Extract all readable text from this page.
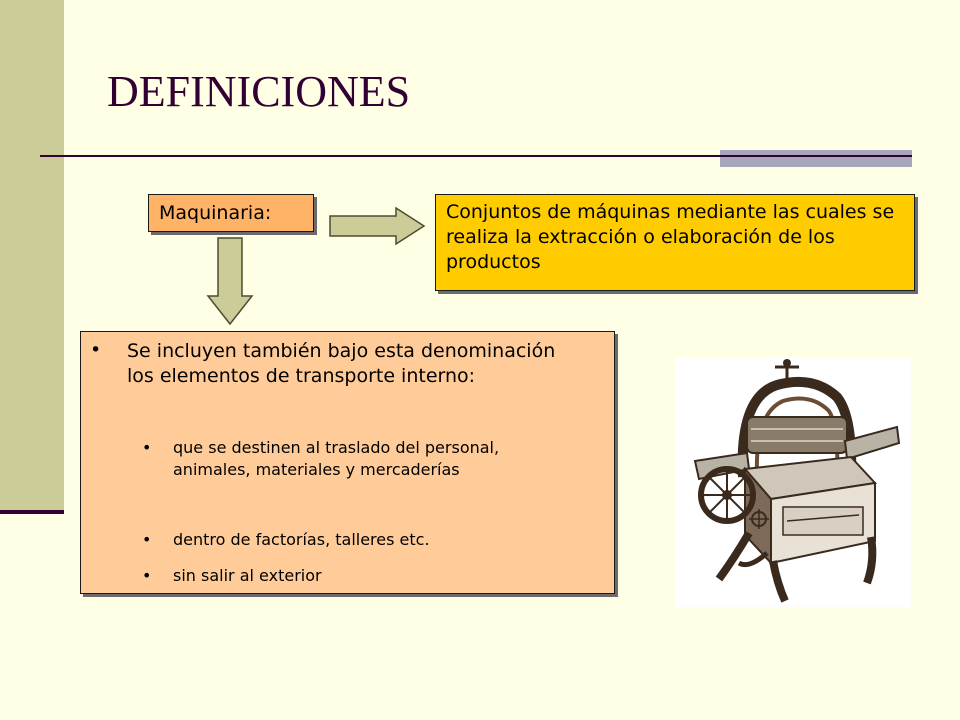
DEFINICIONES
Maquinaria:	Conjuntos de máquinas mediante las cuales se realiza la extracción o elaboración de los productos
• Se incluyen también bajo esta denominación los elementos de transporte interno:
• que se destinen al traslado del personal, animales, materiales y mercaderías
• dentro de factorías, talleres etc.
• sin salir al exterior
